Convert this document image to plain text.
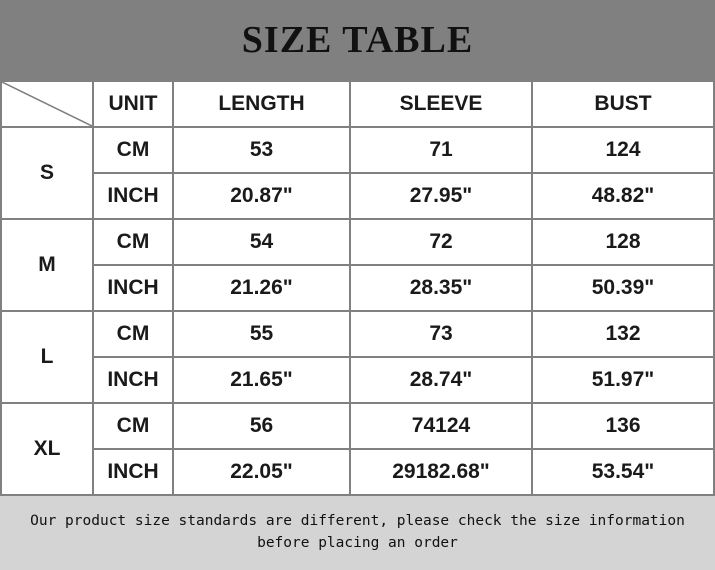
SIZE TABLE
	UNIT	LENGTH	SLEEVE	BUST
S	CM	53	71	124
	INCH	20.87"	27.95"	48.82"
M	CM	54	72	128
	INCH	21.26"	28.35"	50.39"
L	CM	55	73	132
	INCH	21.65"	28.74"	51.97"
XL	CM	56	74124	136
	INCH	22.05"	29182.68"	53.54"
Our product size standards are different, please check the size information
before placing an order
